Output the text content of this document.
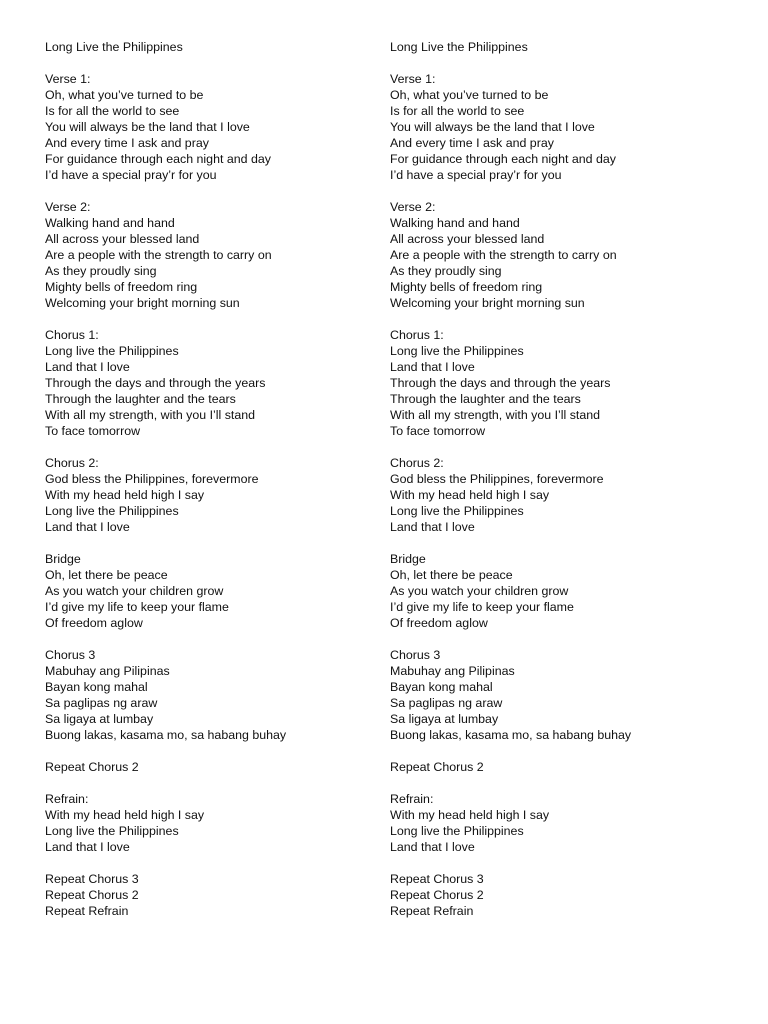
Long Live the Philippines
Verse 1:
Oh, what you’ve turned to be
Is for all the world to see
You will always be the land that I love
And every time I ask and pray
For guidance through each night and day
I’d have a special pray’r for you
Verse 2:
Walking hand and hand
All across your blessed land
Are a people with the strength to carry on
As they proudly sing
Mighty bells of freedom ring
Welcoming your bright morning sun
Chorus 1:
Long live the Philippines
Land that I love
Through the days and through the years
Through the laughter and the tears
With all my strength, with you I’ll stand
To face tomorrow
Chorus 2:
God bless the Philippines, forevermore
With my head held high I say
Long live the Philippines
Land that I love
Bridge
Oh, let there be peace
As you watch your children grow
I’d give my life to keep your flame
Of freedom aglow
Chorus 3
Mabuhay ang Pilipinas
Bayan kong mahal
Sa paglipas ng araw
Sa ligaya at lumbay
Buong lakas, kasama mo, sa habang buhay
Repeat Chorus 2
Refrain:
With my head held high I say
Long live the Philippines
Land that I love
Repeat Chorus 3
Repeat Chorus 2
Repeat Refrain
Long Live the Philippines
Verse 1:
Oh, what you’ve turned to be
Is for all the world to see
You will always be the land that I love
And every time I ask and pray
For guidance through each night and day
I’d have a special pray’r for you
Verse 2:
Walking hand and hand
All across your blessed land
Are a people with the strength to carry on
As they proudly sing
Mighty bells of freedom ring
Welcoming your bright morning sun
Chorus 1:
Long live the Philippines
Land that I love
Through the days and through the years
Through the laughter and the tears
With all my strength, with you I’ll stand
To face tomorrow
Chorus 2:
God bless the Philippines, forevermore
With my head held high I say
Long live the Philippines
Land that I love
Bridge
Oh, let there be peace
As you watch your children grow
I’d give my life to keep your flame
Of freedom aglow
Chorus 3
Mabuhay ang Pilipinas
Bayan kong mahal
Sa paglipas ng araw
Sa ligaya at lumbay
Buong lakas, kasama mo, sa habang buhay
Repeat Chorus 2
Refrain:
With my head held high I say
Long live the Philippines
Land that I love
Repeat Chorus 3
Repeat Chorus 2
Repeat Refrain
